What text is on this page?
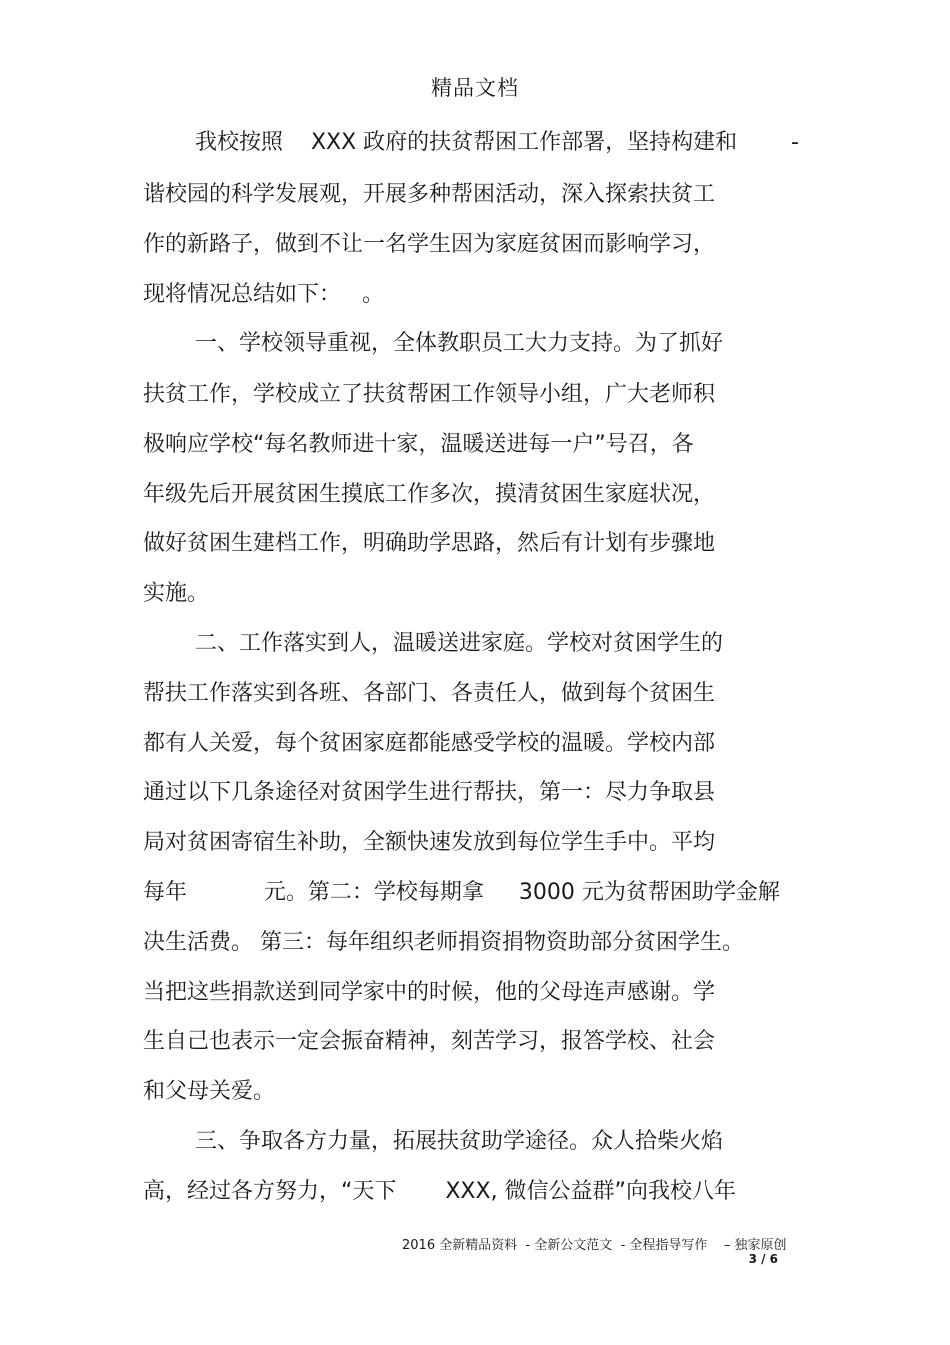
精品文档
我校按照    XXX 政府的扶贫帮困工作部署，坚持构建和 -
谐校园的科学发展观，开展多种帮困活动，深入探索扶贫工
作的新路子，做到不让一名学生因为家庭贫困而影响学习，
现将情况总结如下：   。
一、学校领导重视，全体教职员工大力支持。为了抓好
扶贫工作，学校成立了扶贫帮困工作领导小组，广大老师积
极响应学校“每名教师进十家，温暖送进每一户”号召，各
年级先后开展贫困生摸底工作多次，摸清贫困生家庭状况，
做好贫困生建档工作，明确助学思路，然后有计划有步骤地
实施。
二、工作落实到人，温暖送进家庭。学校对贫困学生的
帮扶工作落实到各班、各部门、各责任人，做到每个贫困生
都有人关爱，每个贫困家庭都能感受学校的温暖。学校内部
通过以下几条途径对贫困学生进行帮扶，第一：尽力争取县
局对贫困寄宿生补助，全额快速发放到每位学生手中。平均
每年           元。第二：学校每期拿     3000 元为贫帮困助学金解
决生活费。 第三：每年组织老师捐资捐物资助部分贫困学生。
当把这些捐款送到同学家中的时候，他的父母连声感谢。学
生自己也表示一定会振奋精神，刻苦学习，报答学校、社会
和父母关爱。
三、争取各方力量，拓展扶贫助学途径。众人拾柴火焰
高，经过各方努力，“天下       XXX, 微信公益群”向我校八年
2016 全新精品资料  - 全新公文范文  - 全程指导写作    – 独家原创
3 / 6
